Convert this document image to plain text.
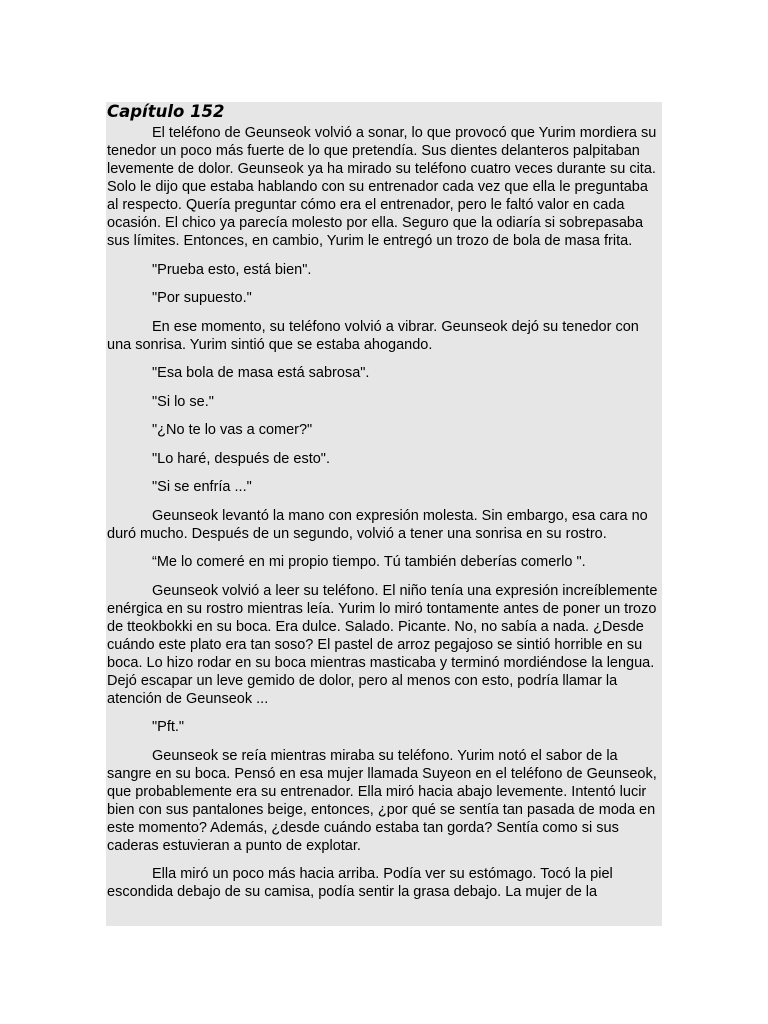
Capítulo 152

El teléfono de Geunseok volvió a sonar, lo que provocó que Yurim mordiera su tenedor un poco más fuerte de lo que pretendía. Sus dientes delanteros palpitaban levemente de dolor. Geunseok ya ha mirado su teléfono cuatro veces durante su cita. Solo le dijo que estaba hablando con su entrenador cada vez que ella le preguntaba al respecto. Quería preguntar cómo era el entrenador, pero le faltó valor en cada ocasión. El chico ya parecía molesto por ella. Seguro que la odiaría si sobrepasaba sus límites. Entonces, en cambio, Yurim le entregó un trozo de bola de masa frita.

"Prueba esto, está bien".

"Por supuesto."

En ese momento, su teléfono volvió a vibrar. Geunseok dejó su tenedor con una sonrisa. Yurim sintió que se estaba ahogando.

"Esa bola de masa está sabrosa".

"Si lo se."

"¿No te lo vas a comer?"

"Lo haré, después de esto".

"Si se enfría ..."

Geunseok levantó la mano con expresión molesta. Sin embargo, esa cara no duró mucho. Después de un segundo, volvió a tener una sonrisa en su rostro.

“Me lo comeré en mi propio tiempo. Tú también deberías comerlo ".

Geunseok volvió a leer su teléfono. El niño tenía una expresión increíblemente enérgica en su rostro mientras leía. Yurim lo miró tontamente antes de poner un trozo de tteokbokki en su boca. Era dulce. Salado. Picante. No, no sabía a nada. ¿Desde cuándo este plato era tan soso? El pastel de arroz pegajoso se sintió horrible en su boca. Lo hizo rodar en su boca mientras masticaba y terminó mordiéndose la lengua. Dejó escapar un leve gemido de dolor, pero al menos con esto, podría llamar la atención de Geunseok ...

"Pft."

Geunseok se reía mientras miraba su teléfono. Yurim notó el sabor de la sangre en su boca. Pensó en esa mujer llamada Suyeon en el teléfono de Geunseok, que probablemente era su entrenador. Ella miró hacia abajo levemente. Intentó lucir bien con sus pantalones beige, entonces, ¿por qué se sentía tan pasada de moda en este momento? Además, ¿desde cuándo estaba tan gorda? Sentía como si sus caderas estuvieran a punto de explotar.

Ella miró un poco más hacia arriba. Podía ver su estómago. Tocó la piel escondida debajo de su camisa, podía sentir la grasa debajo. La mujer de la
